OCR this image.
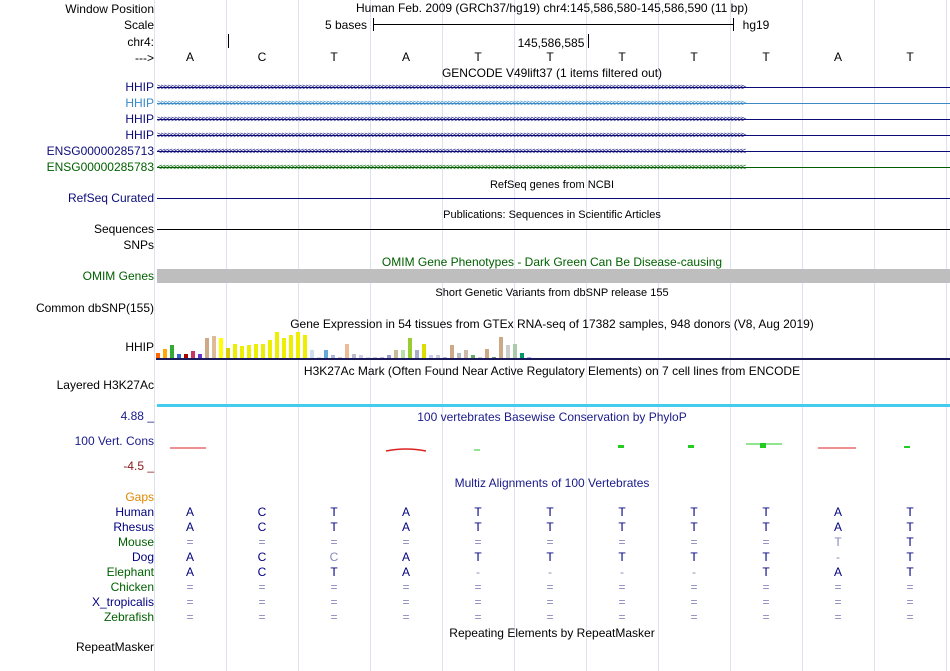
Window Position
Scale
chr4:
--->
Human Feb. 2009 (GRCh37/hg19) chr4:145,586,580-145,586,590 (11 bp)
5 bases	hg19
145,586,585
A	C	T	A	T	T	T	T	T	A	T
GENCODE V49lift37 (1 items filtered out)
HHIP >>>>>>>>>>>>>>>>>>>>>>>>>>>>>>>>>>>>>>>>>>>>>>>>>>>>>>>>>>>>>>>>>>>>>>>>>>>>>>>>>>>>>>>>>>>>>>>>>>>>>>>>>>>>>>>>>>>>>>>>>>>>>>>>>>>>>>>>>>>>>>>>>>>>>>>>>>>>>>>>>>>>>>>>>>
HHIP >>>>>>>>>>>>>>>>>>>>>>>>>>>>>>>>>>>>>>>>>>>>>>>>>>>>>>>>>>>>>>>>>>>>>>>>>>>>>>>>>>>>>>>>>>>>>>>>>>>>>>>>>>>>>>>>>>>>>>>>>>>>>>>>>>>>>>>>>>>>>>>>>>>>>>>>>>>>>>>>>>>>>>>>>>
HHIP >>>>>>>>>>>>>>>>>>>>>>>>>>>>>>>>>>>>>>>>>>>>>>>>>>>>>>>>>>>>>>>>>>>>>>>>>>>>>>>>>>>>>>>>>>>>>>>>>>>>>>>>>>>>>>>>>>>>>>>>>>>>>>>>>>>>>>>>>>>>>>>>>>>>>>>>>>>>>>>>>>>>>>>>>>
HHIP >>>>>>>>>>>>>>>>>>>>>>>>>>>>>>>>>>>>>>>>>>>>>>>>>>>>>>>>>>>>>>>>>>>>>>>>>>>>>>>>>>>>>>>>>>>>>>>>>>>>>>>>>>>>>>>>>>>>>>>>>>>>>>>>>>>>>>>>>>>>>>>>>>>>>>>>>>>>>>>>>>>>>>>>>>
ENSG00000285713 <<<<<<<<<<<<<<<<<<<<<<<<<<<<<<<<<<<<<<<<<<<<<<<<<<<<<<<<<<<<<<<<<<<<<<<<<<<<<<<<<<<<<<<<<<<<<<<<<<<<<<<<<<<<<<<<<<<<<<<<<<<<<<<<<<<<<<<<<<<<<<<<<<<<<<<<<<<<<<<<<<<<<<<<<<
ENSG00000285783 <<<<<<<<<<<<<<<<<<<<<<<<<<<<<<<<<<<<<<<<<<<<<<<<<<<<<<<<<<<<<<<<<<<<<<<<<<<<<<<<<<<<<<<<<<<<<<<<<<<<<<<<<<<<<<<<<<<<<<<<<<<<<<<<<<<<<<<<<<<<<<<<<<<<<<<<<<<<<<<<<<<<<<<<<<
RefSeq genes from NCBI
RefSeq Curated
Publications: Sequences in Scientific Articles
Sequences
SNPs
OMIM Gene Phenotypes - Dark Green Can Be Disease-causing
OMIM Genes
Short Genetic Variants from dbSNP release 155
Common dbSNP(155)
Gene Expression in 54 tissues from GTEx RNA-seq of 17382 samples, 948 donors (V8, Aug 2019)
HHIP
H3K27Ac Mark (Often Found Near Active Regulatory Elements) on 7 cell lines from ENCODE
Layered H3K27Ac
100 vertebrates Basewise Conservation by PhyloP
4.88 _
100 Vert. Cons
-4.5 _
Multiz Alignments of 100 Vertebrates
Gaps
Human	A	C	T	A	T	T	T	T	T	A	T
Rhesus	A	C	T	A	T	T	T	T	T	A	T
Mouse	=	=	=	=	=	=	=	=	=	T	T
Dog	A	C	C	A	T	T	T	T	T	-	T
Elephant	A	C	T	A	-	-	-	-	T	A	T
Chicken	=	=	=	=	=	=	=	=	=	=	=
X_tropicalis	=	=	=	=	=	=	=	=	=	=	=
Zebrafish	=	=	=	=	=	=	=	=	=	=	=
Repeating Elements by RepeatMasker
RepeatMasker
